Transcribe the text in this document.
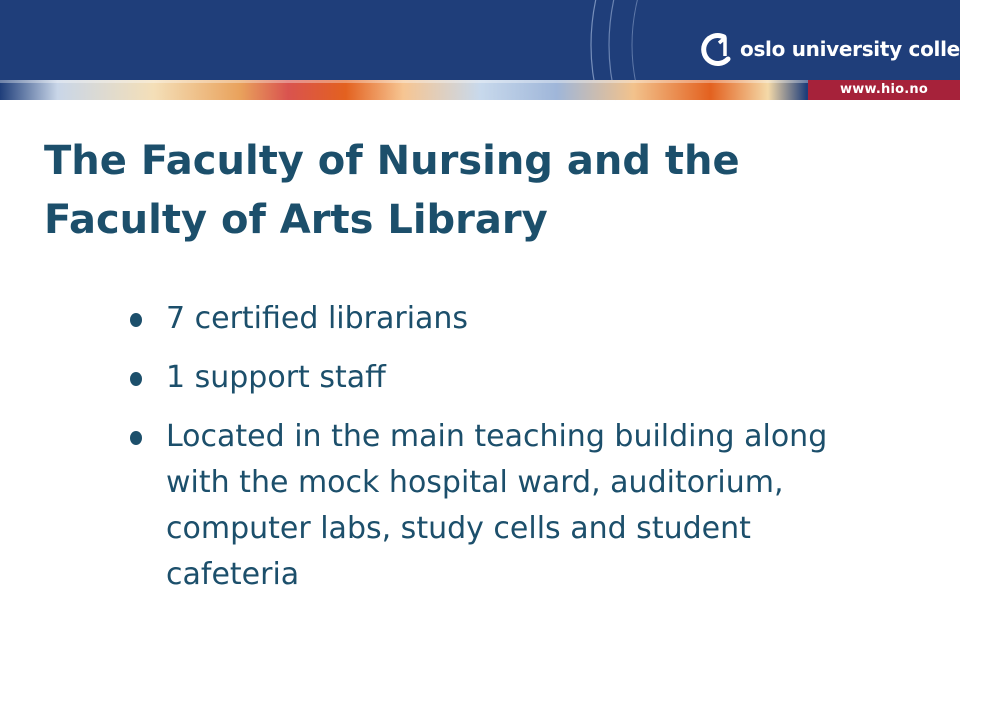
oslo university college
www.hio.no
The Faculty of Nursing and the
Faculty of Arts Library
7 certified librarians
1 support staff
Located in the main teaching building along with the mock hospital ward, auditorium, computer labs, study cells and student cafeteria
